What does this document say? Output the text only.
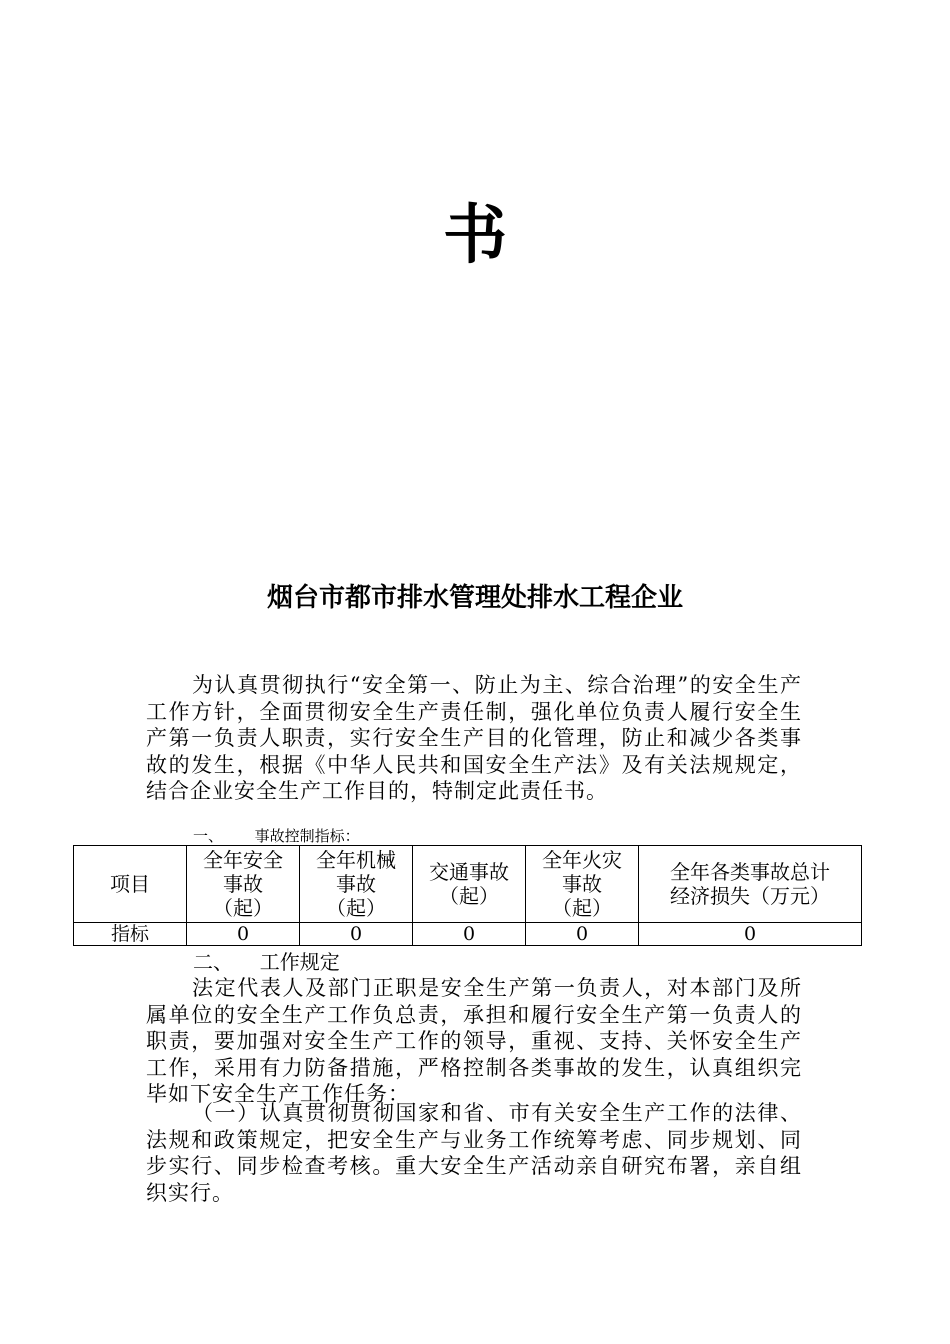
书
烟台市都市排水管理处排水工程企业

为认真贯彻执行“安全第一、防止为主、综合治理”的安全生产工作方针，全面贯彻安全生产责任制，强化单位负责人履行安全生产第一负责人职责，实行安全生产目的化管理，防止和减少各类事故的发生，根据《中华人民共和国安全生产法》及有关法规规定，结合企业安全生产工作目的，特制定此责任书。

一、 事故控制指标：
项目	全年安全
事故
（起）	全年机械
事故
（起）	交通事故
（起）	全年火灾
事故
（起）	全年各类事故总计
经济损失（万元）

指标	0	0	0	0	0
二、 工作规定

法定代表人及部门正职是安全生产第一负责人，对本部门及所属单位的安全生产工作负总责，承担和履行安全生产第一负责人的职责，要加强对安全生产工作的领导，重视、支持、关怀安全生产工作，采用有力防备措施，严格控制各类事故的发生，认真组织完毕如下安全生产工作任务：

（一）认真贯彻贯彻国家和省、市有关安全生产工作的法律、法规和政策规定，把安全生产与业务工作统筹考虑、同步规划、同步实行、同步检查考核。重大安全生产活动亲自研究布署，亲自组织实行。
